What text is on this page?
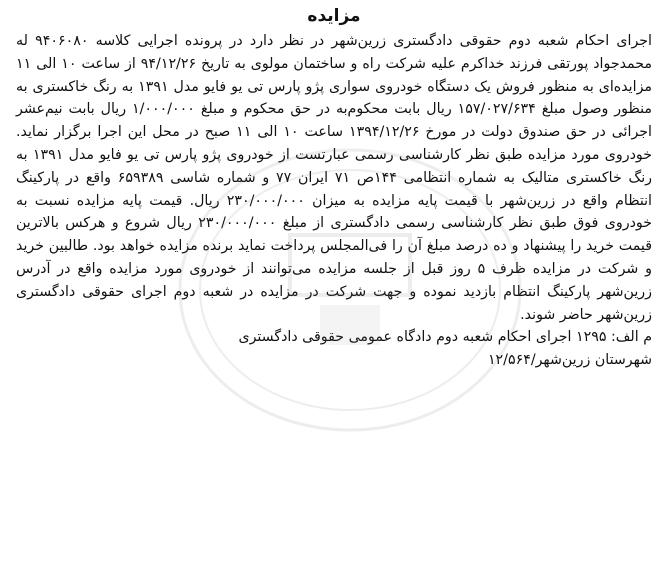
مزایده

اجرای احکام شعبه دوم حقوقی دادگستری زرین‌شهر در نظر دارد در پرونده اجرایی کلاسه ۹۴۰۶۰۸۰ له محمدجواد پورتقی فرزند خداکرم علیه شرکت راه و ساختمان مولوی به تاریخ ۹۴/۱۲/۲۶ از ساعت ۱۰ الی ۱۱ مزایده‌ای به منظور فروش یک دستگاه خودروی سواری پژو پارس تی یو فایو مدل ۱۳۹۱ به رنگ خاکستری به منظور وصول مبلغ ۱۵۷/۰۲۷/۶۳۴ ریال بابت محکوم‌به در حق محکوم و مبلغ ۱/۰۰۰/۰۰۰ ریال بابت نیم‌عشر اجرائی در حق صندوق دولت در مورخ ۱۳۹۴/۱۲/۲۶ ساعت ۱۰ الی ۱۱ صبح در محل این اجرا برگزار نماید. خودروی مورد مزایده طبق نظر کارشناسی رسمی عبارتست از خودروی پژو پارس تی یو فایو مدل ۱۳۹۱ به رنگ خاکستری متالیک به شماره انتظامی ۱۴۴ص ۷۱ ایران ۷۷ و شماره شاسی ۶۵۹۳۸۹ واقع در پارکینگ انتظام واقع در زرین‌شهر با قیمت پایه مزایده به میزان ۲۳۰/۰۰۰/۰۰۰ ریال. قیمت پایه مزایده نسبت به خودروی فوق طبق نظر کارشناسی رسمی دادگستری از مبلغ ۲۳۰/۰۰۰/۰۰۰ ریال شروع و هرکس بالاترین قیمت خرید را پیشنهاد و ده درصد مبلغ آن را فی‌المجلس پرداخت نماید برنده مزایده خواهد بود. طالبین خرید و شرکت در مزایده ظرف ۵ روز قبل از جلسه مزایده می‌توانند از خودروی مورد مزایده واقع در آدرس زرین‌شهر پارکینگ انتظام بازدید نموده و جهت شرکت در مزایده در شعبه دوم اجرای حقوقی دادگستری زرین‌شهر حاضر شوند.

م الف: ۱۲۹۵ اجرای احکام شعبه دوم دادگاه عمومی حقوقی دادگستری
شهرستان زرین‌شهر/۱۲/۵۶۴
